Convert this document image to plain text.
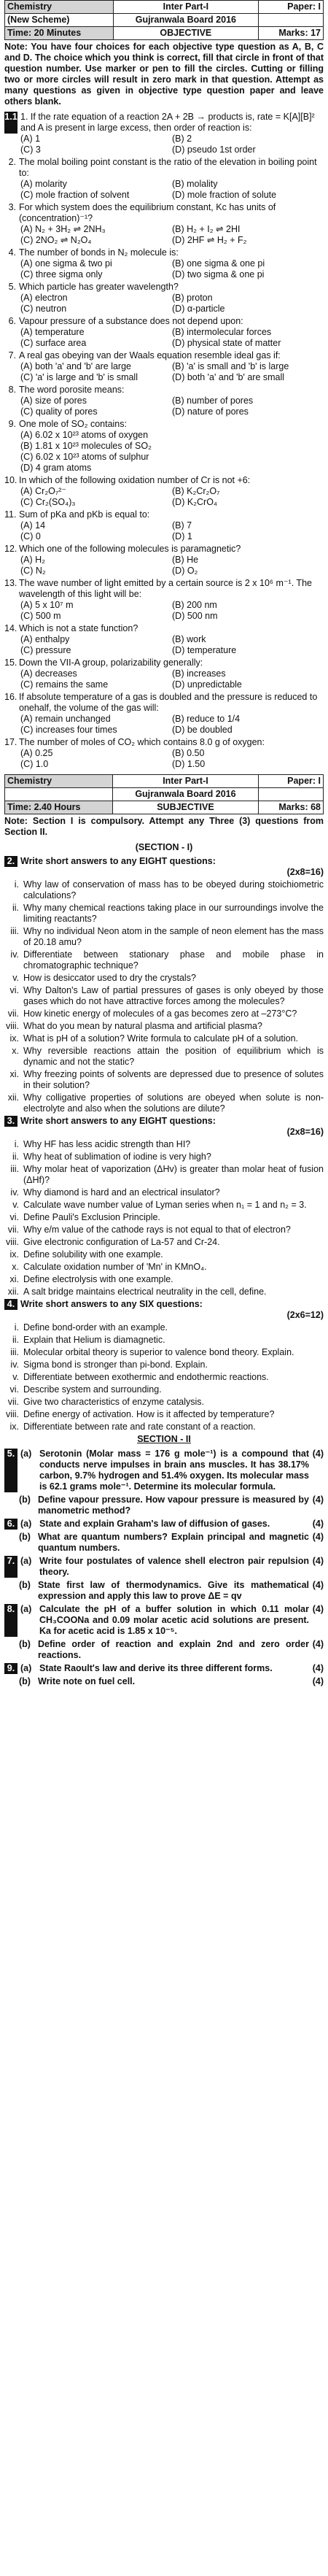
Chemistry	Inter Part-I	Paper: I
(New Scheme)	Gujranwala Board 2016	
Time: 20 Minutes	OBJECTIVE	Marks: 17
Note: You have four choices for each objective type question as A, B, C and D. The choice which you think is correct, fill that circle in front of that question number. Use marker or pen to fill the circles. Cutting or filling two or more circles will result in zero mark in that question. Attempt as many questions as given in objective type question paper and leave others blank.
1.1 1. If the rate equation of a reaction 2A + 2B → products is, rate = K[A][B]² and A is present in large excess, then order of reaction is:
(A) 1	(B) 2
(C) 3	(D) pseudo 1st order
2. The molal boiling point constant is the ratio of the elevation in boiling point to:
(A) molarity	(B) molality
(C) mole fraction of solvent	(D) mole fraction of solute
3. For which system does the equilibrium constant, Kc has units of (concentration)⁻¹?
(A) N₂ + 3H₂ ⇌ 2NH₃	(B) H₂ + I₂ ⇌ 2HI
(C) 2NO₂ ⇌ N₂O₄	(D) 2HF ⇌ H₂ + F₂
4. The number of bonds in N₂ molecule is:
(A) one sigma & two pi	(B) one sigma & one pi
(C) three sigma only	(D) two sigma & one pi
5. Which particle has greater wavelength?
(A) electron	(B) proton
(C) neutron	(D) α-particle
6. Vapour pressure of a substance does not depend upon:
(A) temperature	(B) intermolecular forces
(C) surface area	(D) physical state of matter
7. A real gas obeying van der Waals equation resemble ideal gas if:
(A) both 'a' and 'b' are large	(B) 'a' is small and 'b' is large
(C) 'a' is large and 'b' is small	(D) both 'a' and 'b' are small
8. The word porosite means:
(A) size of pores	(B) number of pores
(C) quality of pores	(D) nature of pores
9. One mole of SO₂ contains:
(A) 6.02 x 10²³ atoms of oxygen
(B) 1.81 x 10²³ molecules of SO₂
(C) 6.02 x 10²³ atoms of sulphur
(D) 4 gram atoms
10. In which of the following oxidation number of Cr is not +6:
(A) Cr₂O₇²⁻	(B) K₂Cr₂O₇
(C) Cr₂(SO₄)₃	(D) K₂CrO₄
11. Sum of pKa and pKb is equal to:
(A) 14	(B) 7
(C) 0	(D) 1
12. Which one of the following molecules is paramagnetic?
(A) H₂	(B) He
(C) N₂	(D) O₂
13. The wave number of light emitted by a certain source is 2 x 10⁶ m⁻¹. The wavelength of this light will be:
(A) 5 x 10⁷ m	(B) 200 nm
(C) 500 m	(D) 500 nm
14. Which is not a state function?
(A) enthalpy	(B) work
(C) pressure	(D) temperature
15. Down the VII-A group, polarizability generally:
(A) decreases	(B) increases
(C) remains the same	(D) unpredictable
16. If absolute temperature of a gas is doubled and the pressure is reduced to onehalf, the volume of the gas will:
(A) remain unchanged	(B) reduce to 1/4
(C) increases four times	(D) be doubled
17. The number of moles of CO₂ which contains 8.0 g of oxygen:
(A) 0.25	(B) 0.50
(C) 1.0	(D) 1.50
Chemistry	Inter Part-I	Paper: I
	Gujranwala Board 2016	
Time: 2.40 Hours	SUBJECTIVE	Marks: 68
Note: Section I is compulsory. Attempt any Three (3) questions from Section II.
(SECTION - I)
2. Write short answers to any EIGHT questions:
(2x8=16)
i. Why law of conservation of mass has to be obeyed during stoichiometric calculations?
ii. Why many chemical reactions taking place in our surroundings involve the limiting reactants?
iii. Why no individual Neon atom in the sample of neon element has the mass of 20.18 amu?
iv. Differentiate between stationary phase and mobile phase in chromatographic technique?
v. How is desiccator used to dry the crystals?
vi. Why Dalton's Law of partial pressures of gases is only obeyed by those gases which do not have attractive forces among the molecules?
vii. How kinetic energy of molecules of a gas becomes zero at –273°C?
viii. What do you mean by natural plasma and artificial plasma?
ix. What is pH of a solution? Write formula to calculate pH of a solution.
x. Why reversible reactions attain the position of equilibrium which is dynamic and not the static?
xi. Why freezing points of solvents are depressed due to presence of solutes in their solution?
xii. Why colligative properties of solutions are obeyed when solute is non-electrolyte and also when the solutions are dilute?
3. Write short answers to any EIGHT questions:
(2x8=16)
i. Why HF has less acidic strength than HI?
ii. Why heat of sublimation of iodine is very high?
iii. Why molar heat of vaporization (ΔHv) is greater than molar heat of fusion (ΔHf)?
iv. Why diamond is hard and an electrical insulator?
v. Calculate wave number value of Lyman series when n₁ = 1 and n₂ = 3.
vi. Define Pauli's Exclusion Principle.
vii. Why e/m value of the cathode rays is not equal to that of electron?
viii. Give electronic configuration of La-57 and Cr-24.
ix. Define solubility with one example.
x. Calculate oxidation number of 'Mn' in KMnO₄.
xi. Define electrolysis with one example.
xii. A salt bridge maintains electrical neutrality in the cell, define.
4. Write short answers to any SIX questions:
(2x6=12)
i. Define bond-order with an example.
ii. Explain that Helium is diamagnetic.
iii. Molecular orbital theory is superior to valence bond theory. Explain.
iv. Sigma bond is stronger than pi-bond. Explain.
v. Differentiate between exothermic and endothermic reactions.
vi. Describe system and surrounding.
vii. Give two characteristics of enzyme catalysis.
viii. Define energy of activation. How is it affected by temperature?
ix. Differentiate between rate and rate constant of a reaction.
SECTION - II
5. (a) Serotonin (Molar mass = 176 g mole⁻¹) is a compound that conducts nerve impulses in brain ans muscles. It has 38.17% carbon, 9.7% hydrogen and 51.4% oxygen. Its molecular mass is 62.1 grams mole⁻¹. Determine its molecular formula.
(4)
(b) Define vapour pressure. How vapour pressure is measured by manometric method?
(4)
6. (a) State and explain Graham's law of diffusion of gases.	(4)
(b) What are quantum numbers? Explain principal and magnetic quantum numbers.
(4)
7. (a) Write four postulates of valence shell electron pair repulsion theory.
(4)
(b) State first law of thermodynamics. Give its mathematical expression and apply this law to prove ΔE = qv
(4)
8. (a) Calculate the pH of a buffer solution in which 0.11 molar CH₃COONa and 0.09 molar acetic acid solutions are present. Ka for acetic acid is 1.85 x 10⁻⁵.
(4)
(b) Define order of reaction and explain 2nd and zero order reactions.
(4)
9. (a) State Raoult's law and derive its three different forms.	(4)
(b) Write note on fuel cell.	(4)
